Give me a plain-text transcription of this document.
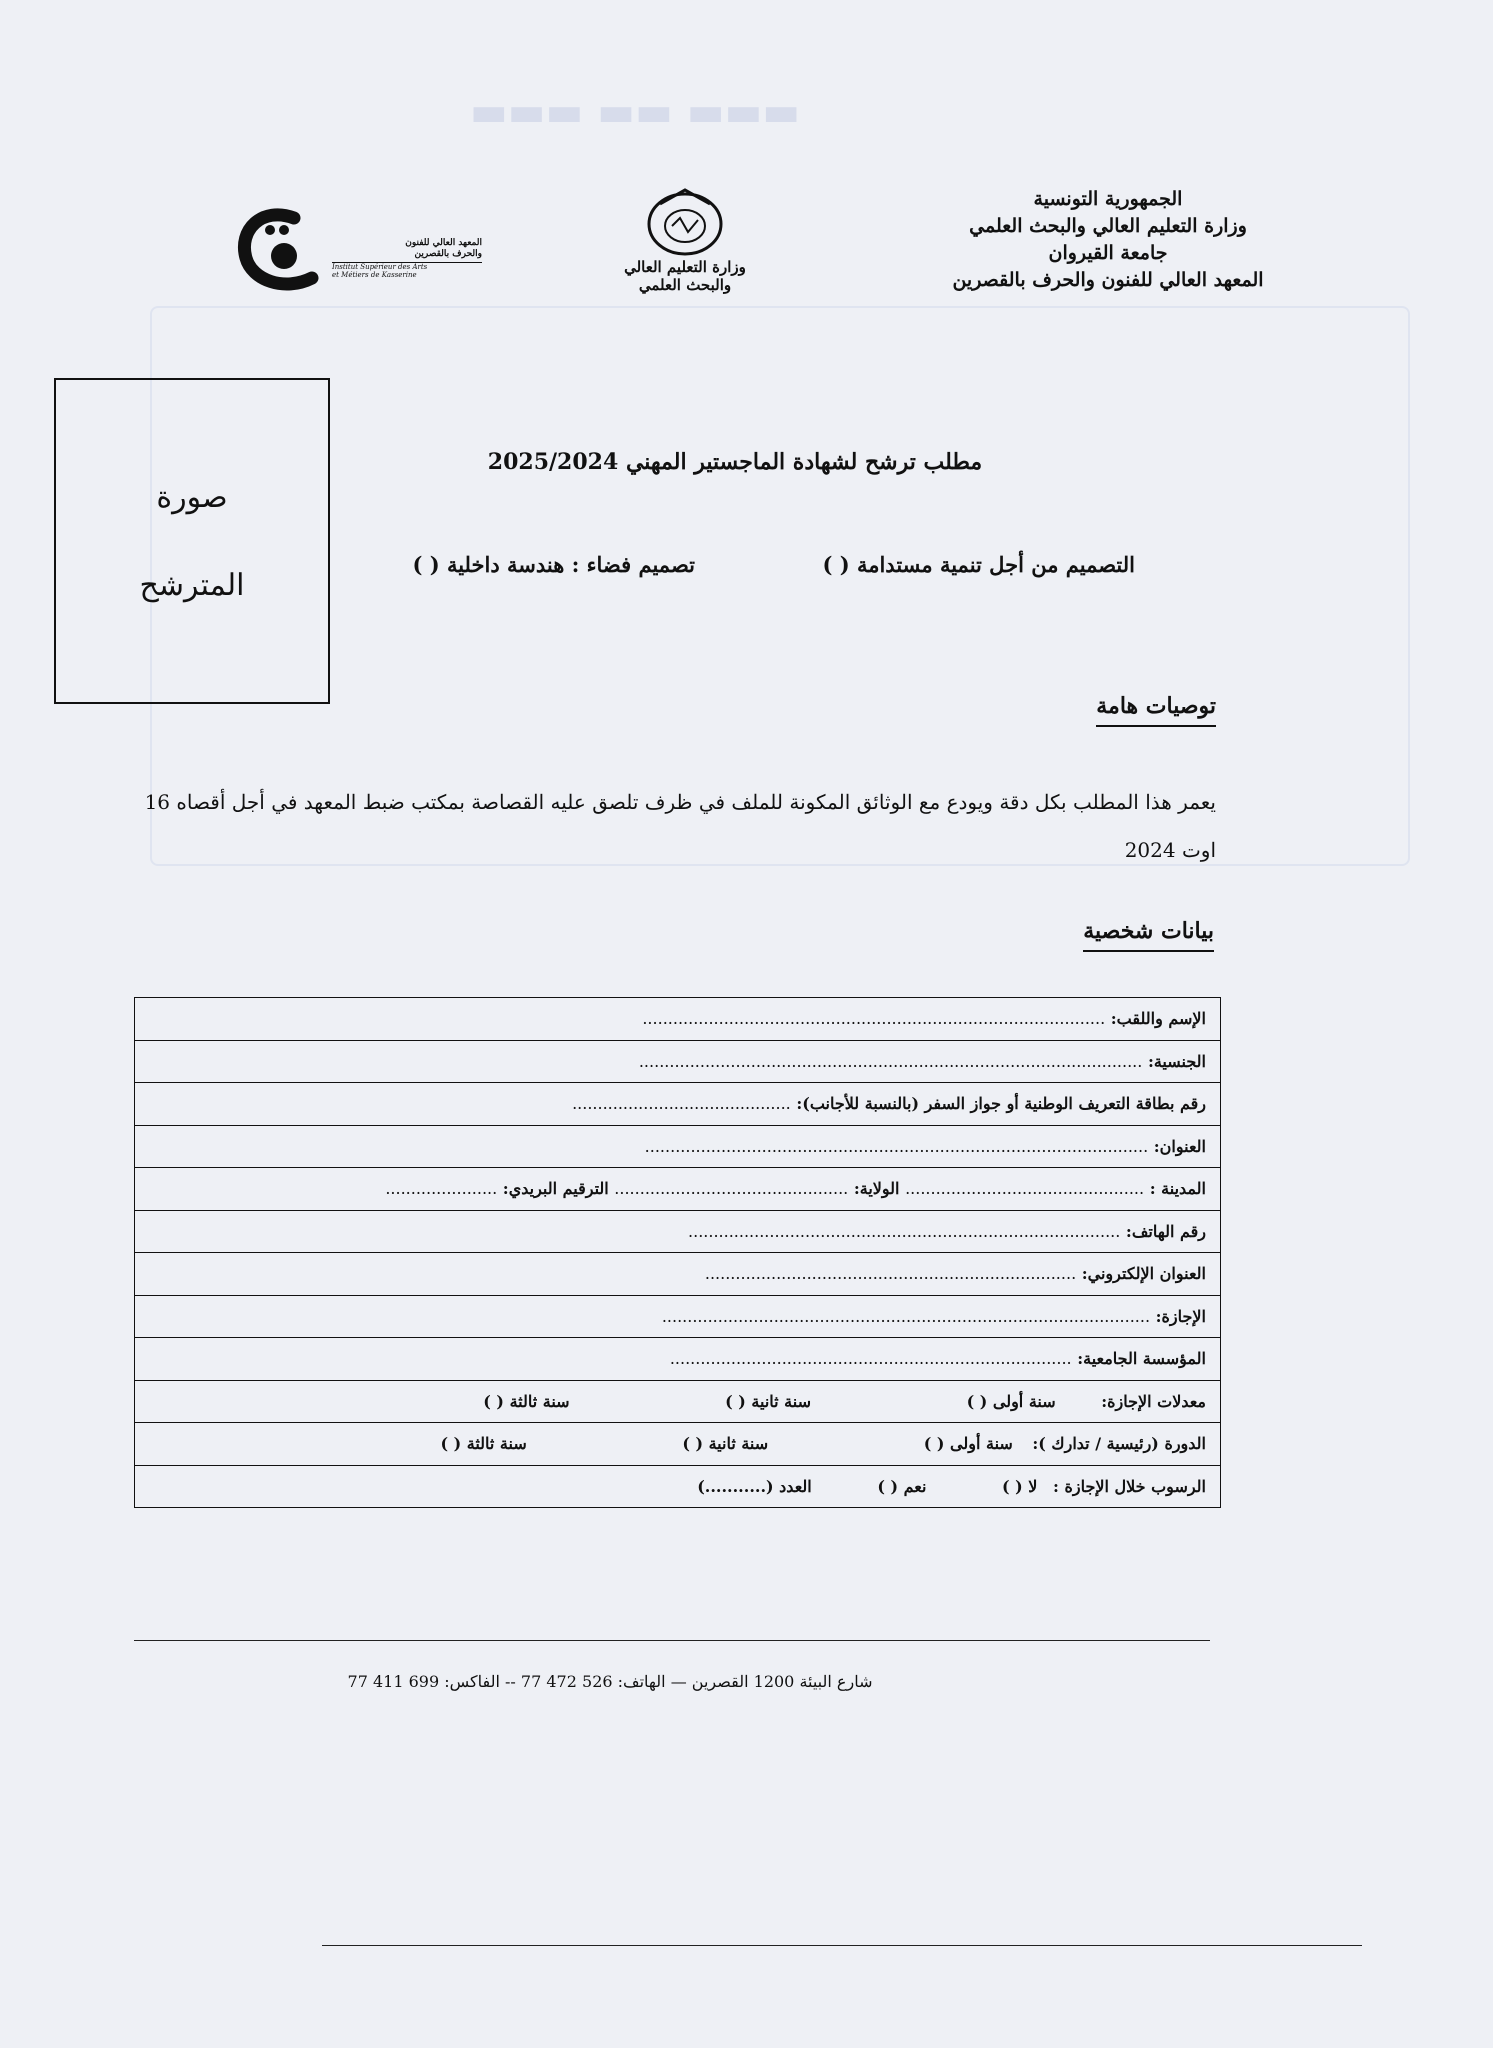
▬▬▬ ▬▬ ▬▬▬
الجمهورية التونسية
وزارة التعليم العالي والبحث العلمي
جامعة القيروان
المعهد العالي للفنون والحرف بالقصرين
وزارة التعليم العالي
والبحث العلمي
المعهد العالي للفنون
والحرف بالقصرين
Institut Supérieur des Arts
et Métiers de Kasserine
صورة
المترشح
مطلب ترشح لشهادة الماجستير المهني 2025/2024
التصميم من أجل تنمية مستدامة ( )
تصميم فضاء : هندسة داخلية ( )
توصيات هامة
يعمر هذا المطلب بكل دقة ويودع مع الوثائق المكونة للملف في ظرف تلصق عليه القصاصة بمكتب ضبط المعهد في أجل أقصاه 16 اوت 2024
بيانات شخصية
الإسم واللقب: ...........................................................................................
الجنسية: ...................................................................................................
رقم بطاقة التعريف الوطنية أو جواز السفر (بالنسبة للأجانب): ...........................................
العنوان: ...................................................................................................
المدينة : ............................................... الولاية: .............................................. الترقيم البريدي: ......................
رقم الهاتف: .....................................................................................
العنوان الإلكتروني: .........................................................................
الإجازة: ................................................................................................
المؤسسة الجامعية: ...............................................................................
معدلات الإجازة: سنة أولى ( ) سنة ثانية ( ) سنة ثالثة ( )
الدورة (رئيسية / تدارك ): سنة أولى ( ) سنة ثانية ( ) سنة ثالثة ( )
الرسوب خلال الإجازة : لا ( ) نعم ( ) العدد (...........)
شارع البيئة 1200 القصرين — الهاتف: 526 472 77 -- الفاكس: 699 411 77
